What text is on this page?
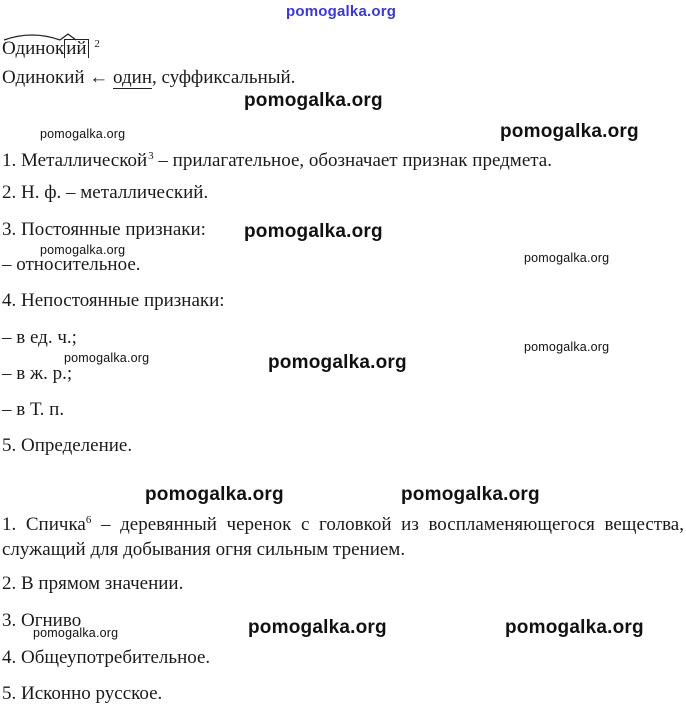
pomogalka.org
pomogalka.org
pomogalka.org	pomogalka.org
pomogalka.org
pomogalka.org
pomogalka.org
pomogalka.org
pomogalka.org	pomogalka.org
pomogalka.org	pomogalka.org
pomogalka.org	pomogalka.org
pomogalka.org
Одинок ий $^2$
Одинокий ← один, суффиксальный.
1. Металлической$^3$ – прилагательное, обозначает признак предмета.
2. Н. ф. – металлический.
3. Постоянные признаки:
– относительное.
4. Непостоянные признаки:
– в ед. ч.;
– в ж. р.;
– в Т. п.
5. Определение.
1. Спичка$^6$ – деревянный черенок с головкой из воспламеняющегося вещества, служащий для добывания огня сильным трением.
2. В прямом значении.
3. Огниво
4. Общеупотребительное.
5. Исконно русское.
